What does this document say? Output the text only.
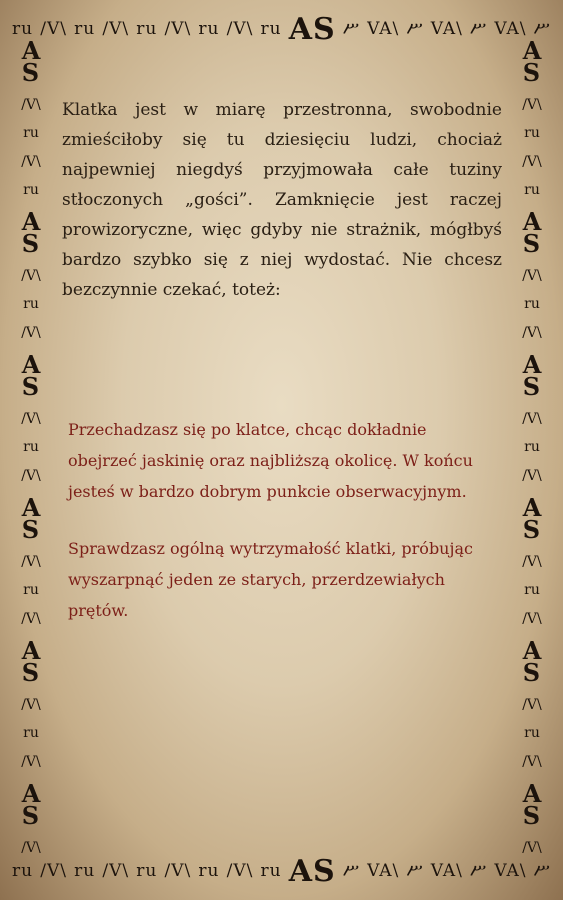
ru /V\ ru /V\ ru /V\ ru /V\ ru AS ሥ VA\ ሥ VA\ ሥ VA\ ሥ
A
S
/V\
ru
/V\
ru
A
S
/V\
ru
/V\
A
S
/V\
ru
/V\
A
S
/V\
ru
/V\
A
S
/V\
ru
/V\
A
S
/V\
A
S
/V\
ru
/V\
ru
A
S
/V\
ru
/V\
A
S
/V\
ru
/V\
A
S
/V\
ru
/V\
A
S
/V\
ru
/V\
A
S
/V\
ru /V\ ru /V\ ru /V\ ru /V\ ru AS ሥ VA\ ሥ VA\ ሥ VA\ ሥ

Klatka jest w miarę przestronna, swobodnie zmieściłoby się tu dziesięciu ludzi, chociaż najpewniej niegdyś przyjmowała całe tuziny stłoczonych „gości”. Zamknięcie jest raczej prowizoryczne, więc gdyby nie strażnik, mógłbyś bardzo szybko się z niej wydostać. Nie chcesz bezczynnie czekać, toteż:

Przechadzasz się po klatce, chcąc dokładnie obejrzeć jaskinię oraz najbliższą okolicę. W końcu jesteś w bardzo dobrym punkcie obserwacyjnym.

Sprawdzasz ogólną wytrzymałość klatki, próbując wyszarpnąć jeden ze starych, przerdzewiałych prętów.
